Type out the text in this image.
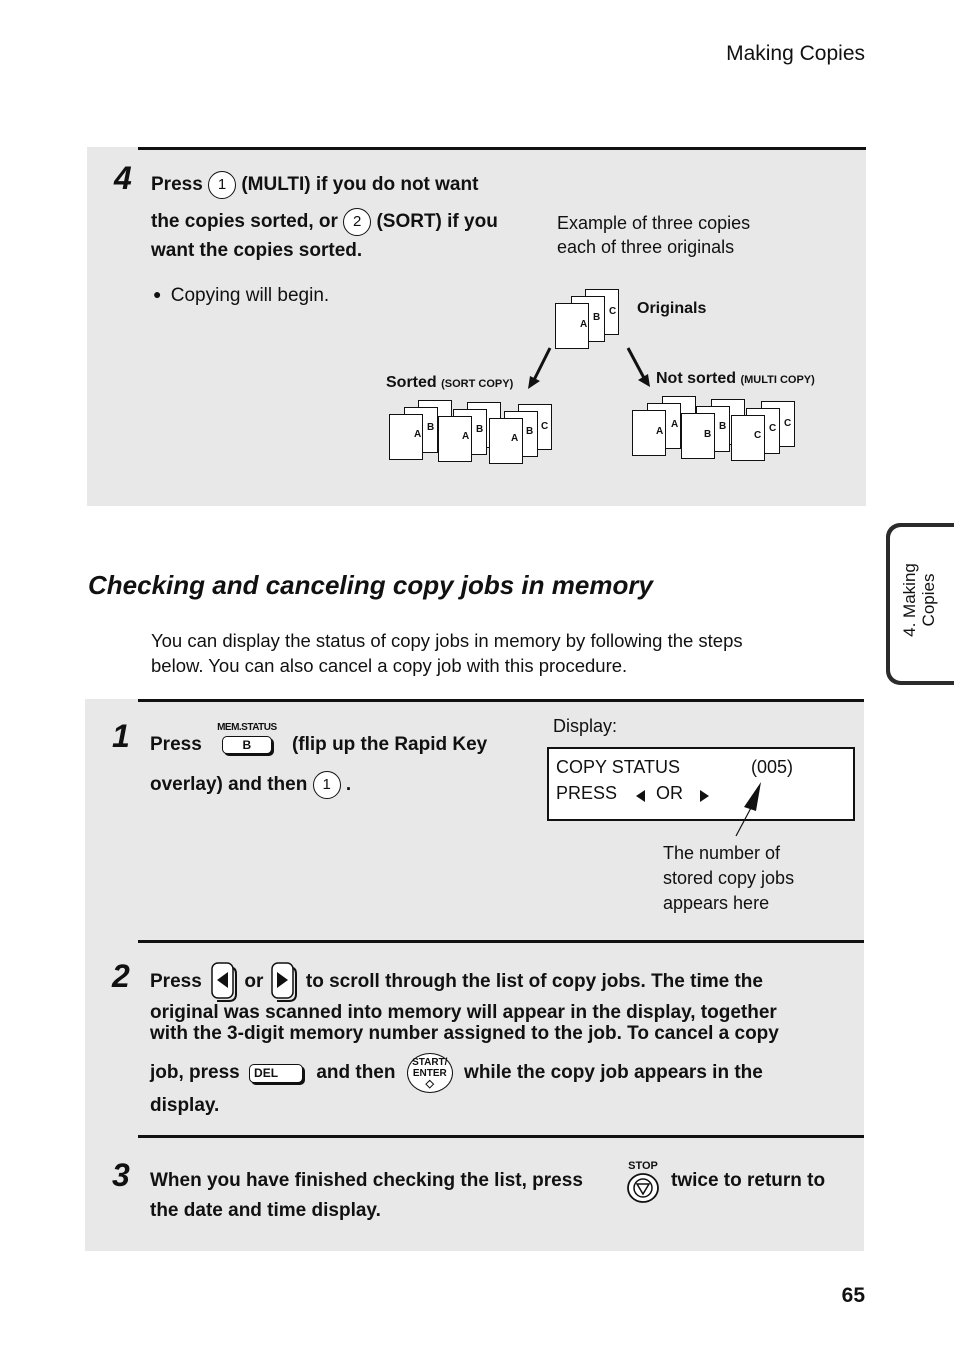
Making Copies
4. Making Copies
4 Press 1 (MULTI) if you do not want
the copies sorted, or 2 (SORT) if you
want the copies sorted.
● Copying will begin.
Example of three copies
each of three originals
C
B
A
Originals
Sorted (SORT COPY)	Not sorted (MULTI COPY)
B
A	B
A
C
B
A
A
A	B
B
C
C
C
Checking and canceling copy jobs in memory
You can display the status of copy jobs in memory by following the steps
below. You can also cancel a copy job with this procedure.
1 Press
MEM.STATUS
B (flip up the Rapid Key
overlay) and then 1 .
Display:
COPY STATUS	(005)
PRESS OR
The number of
stored copy jobs
appears here
2 Press or to scroll through the list of copy jobs. The time the
original was scanned into memory will appear in the display, together
with the 3-digit memory number assigned to the job. To cancel a copy
job, press DEL and then	START/
ENTER
◇
while the copy job appears in the
display.
3 When you have finished checking the list, press
STOP
twice to return to
the date and time display.
65
